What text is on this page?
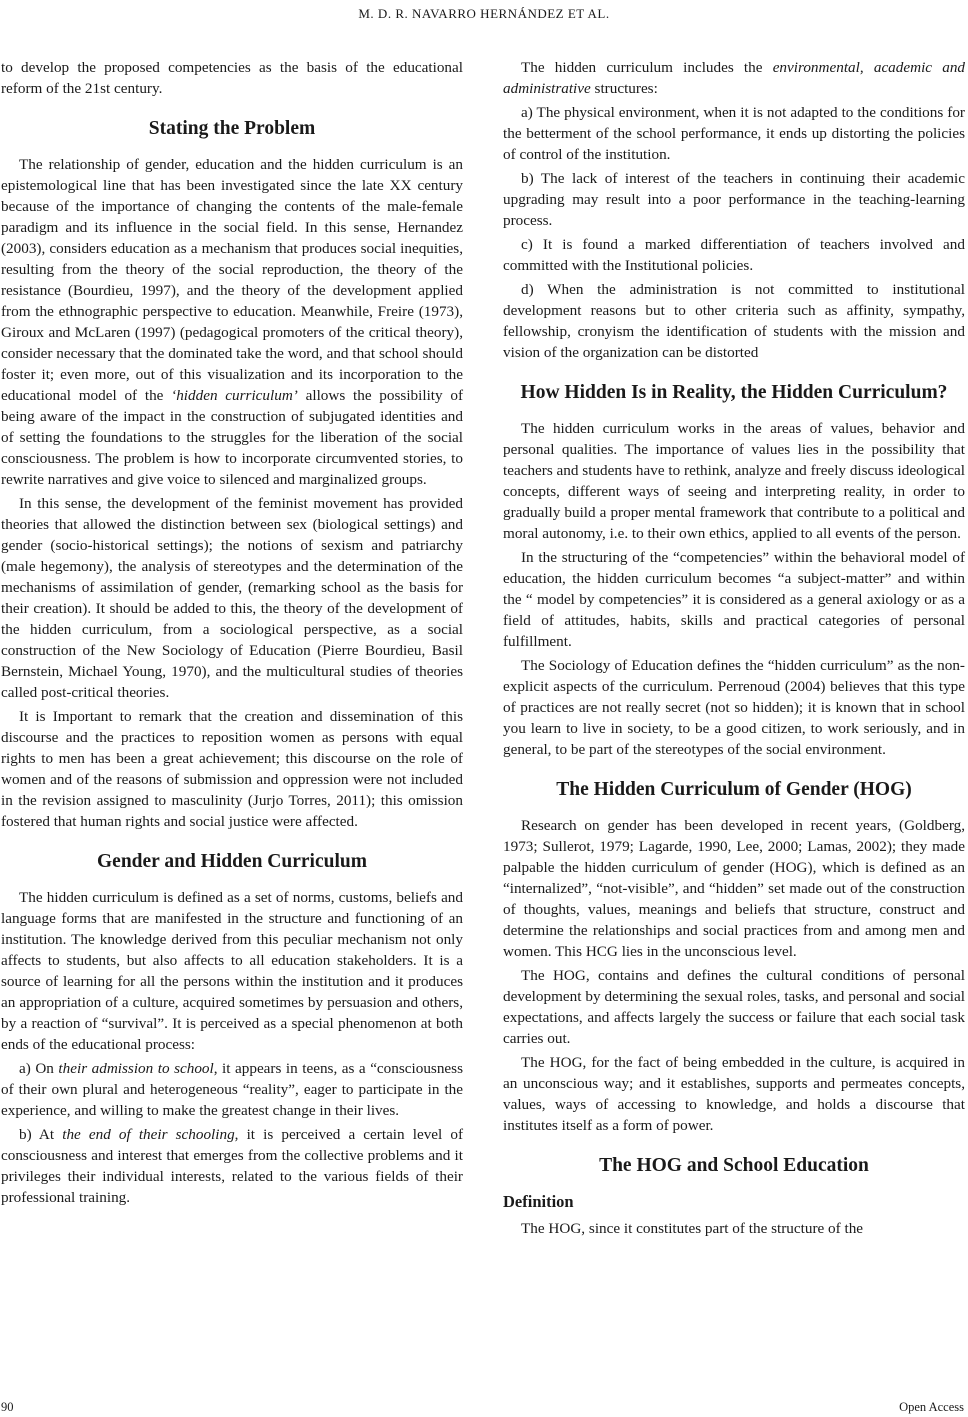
M. D. R. NAVARRO HERNÁNDEZ ET AL.

to develop the proposed competencies as the basis of the educational reform of the 21st century.

Stating the Problem

The relationship of gender, education and the hidden curriculum is an epistemological line that has been investigated since the late XX century because of the importance of changing the contents of the male-female paradigm and its influence in the social field. In this sense, Hernandez (2003), considers education as a mechanism that produces social inequities, resulting from the theory of the social reproduction, the theory of the resistance (Bourdieu, 1997), and the theory of the development applied from the ethnographic perspective to education. Meanwhile, Freire (1973), Giroux and McLaren (1997) (pedagogical promoters of the critical theory), consider necessary that the dominated take the word, and that school should foster it; even more, out of this visualization and its incorporation to the educational model of the ‘hidden curriculum’ allows the possibility of being aware of the impact in the construction of subjugated identities and of setting the foundations to the struggles for the liberation of the social consciousness. The problem is how to incorporate circumvented stories, to rewrite narratives and give voice to silenced and marginalized groups.

In this sense, the development of the feminist movement has provided theories that allowed the distinction between sex (biological settings) and gender (socio-historical settings); the notions of sexism and patriarchy (male hegemony), the analysis of stereotypes and the determination of the mechanisms of assimilation of gender, (remarking school as the basis for their creation). It should be added to this, the theory of the development of the hidden curriculum, from a sociological perspective, as a social construction of the New Sociology of Education (Pierre Bourdieu, Basil Bernstein, Michael Young, 1970), and the multicultural studies of theories called post-critical theories.

It is Important to remark that the creation and dissemination of this discourse and the practices to reposition women as persons with equal rights to men has been a great achievement; this discourse on the role of women and of the reasons of submission and oppression were not included in the revision assigned to masculinity (Jurjo Torres, 2011); this omission fostered that human rights and social justice were affected.

Gender and Hidden Curriculum

The hidden curriculum is defined as a set of norms, customs, beliefs and language forms that are manifested in the structure and functioning of an institution. The knowledge derived from this peculiar mechanism not only affects to students, but also affects to all education stakeholders. It is a source of learning for all the persons within the institution and it produces an appropriation of a culture, acquired sometimes by persuasion and others, by a reaction of “survival”. It is perceived as a special phenomenon at both ends of the educational process:

a) On their admission to school, it appears in teens, as a “consciousness of their own plural and heterogeneous “reality”, eager to participate in the experience, and willing to make the greatest change in their lives.

b) At the end of their schooling, it is perceived a certain level of consciousness and interest that emerges from the collective problems and it privileges their individual interests, related to the various fields of their professional training.

The hidden curriculum includes the environmental, academic and administrative structures:

a) The physical environment, when it is not adapted to the conditions for the betterment of the school performance, it ends up distorting the policies of control of the institution.

b) The lack of interest of the teachers in continuing their academic upgrading may result into a poor performance in the teaching-learning process.

c) It is found a marked differentiation of teachers involved and committed with the Institutional policies.

d) When the administration is not committed to institutional development reasons but to other criteria such as affinity, sympathy, fellowship, cronyism the identification of students with the mission and vision of the organization can be distorted

How Hidden Is in Reality, the Hidden Curriculum?

The hidden curriculum works in the areas of values, behavior and personal qualities. The importance of values lies in the possibility that teachers and students have to rethink, analyze and freely discuss ideological concepts, different ways of seeing and interpreting reality, in order to gradually build a proper mental framework that contribute to a political and moral autonomy, i.e. to their own ethics, applied to all events of the person.

In the structuring of the “competencies” within the behavioral model of education, the hidden curriculum becomes “a subject-matter” and within the “ model by competencies” it is considered as a general axiology or as a field of attitudes, habits, skills and practical categories of personal fulfillment.

The Sociology of Education defines the “hidden curriculum” as the non-explicit aspects of the curriculum. Perrenoud (2004) believes that this type of practices are not really secret (not so hidden); it is known that in school you learn to live in society, to be a good citizen, to work seriously, and in general, to be part of the stereotypes of the social environment.

The Hidden Curriculum of Gender (HOG)

Research on gender has been developed in recent years, (Goldberg, 1973; Sullerot, 1979; Lagarde, 1990, Lee, 2000; Lamas, 2002); they made palpable the hidden curriculum of gender (HOG), which is defined as an “internalized”, “not-visible”, and “hidden” set made out of the construction of thoughts, values, meanings and beliefs that structure, construct and determine the relationships and social practices from and among men and women. This HCG lies in the unconscious level.

The HOG, contains and defines the cultural conditions of personal development by determining the sexual roles, tasks, and personal and social expectations, and affects largely the success or failure that each social task carries out.

The HOG, for the fact of being embedded in the culture, is acquired in an unconscious way; and it establishes, supports and permeates concepts, values, ways of accessing to knowledge, and holds a discourse that institutes itself as a form of power.

The HOG and School Education
Definition

The HOG, since it constitutes part of the structure of the

90	Open Access
